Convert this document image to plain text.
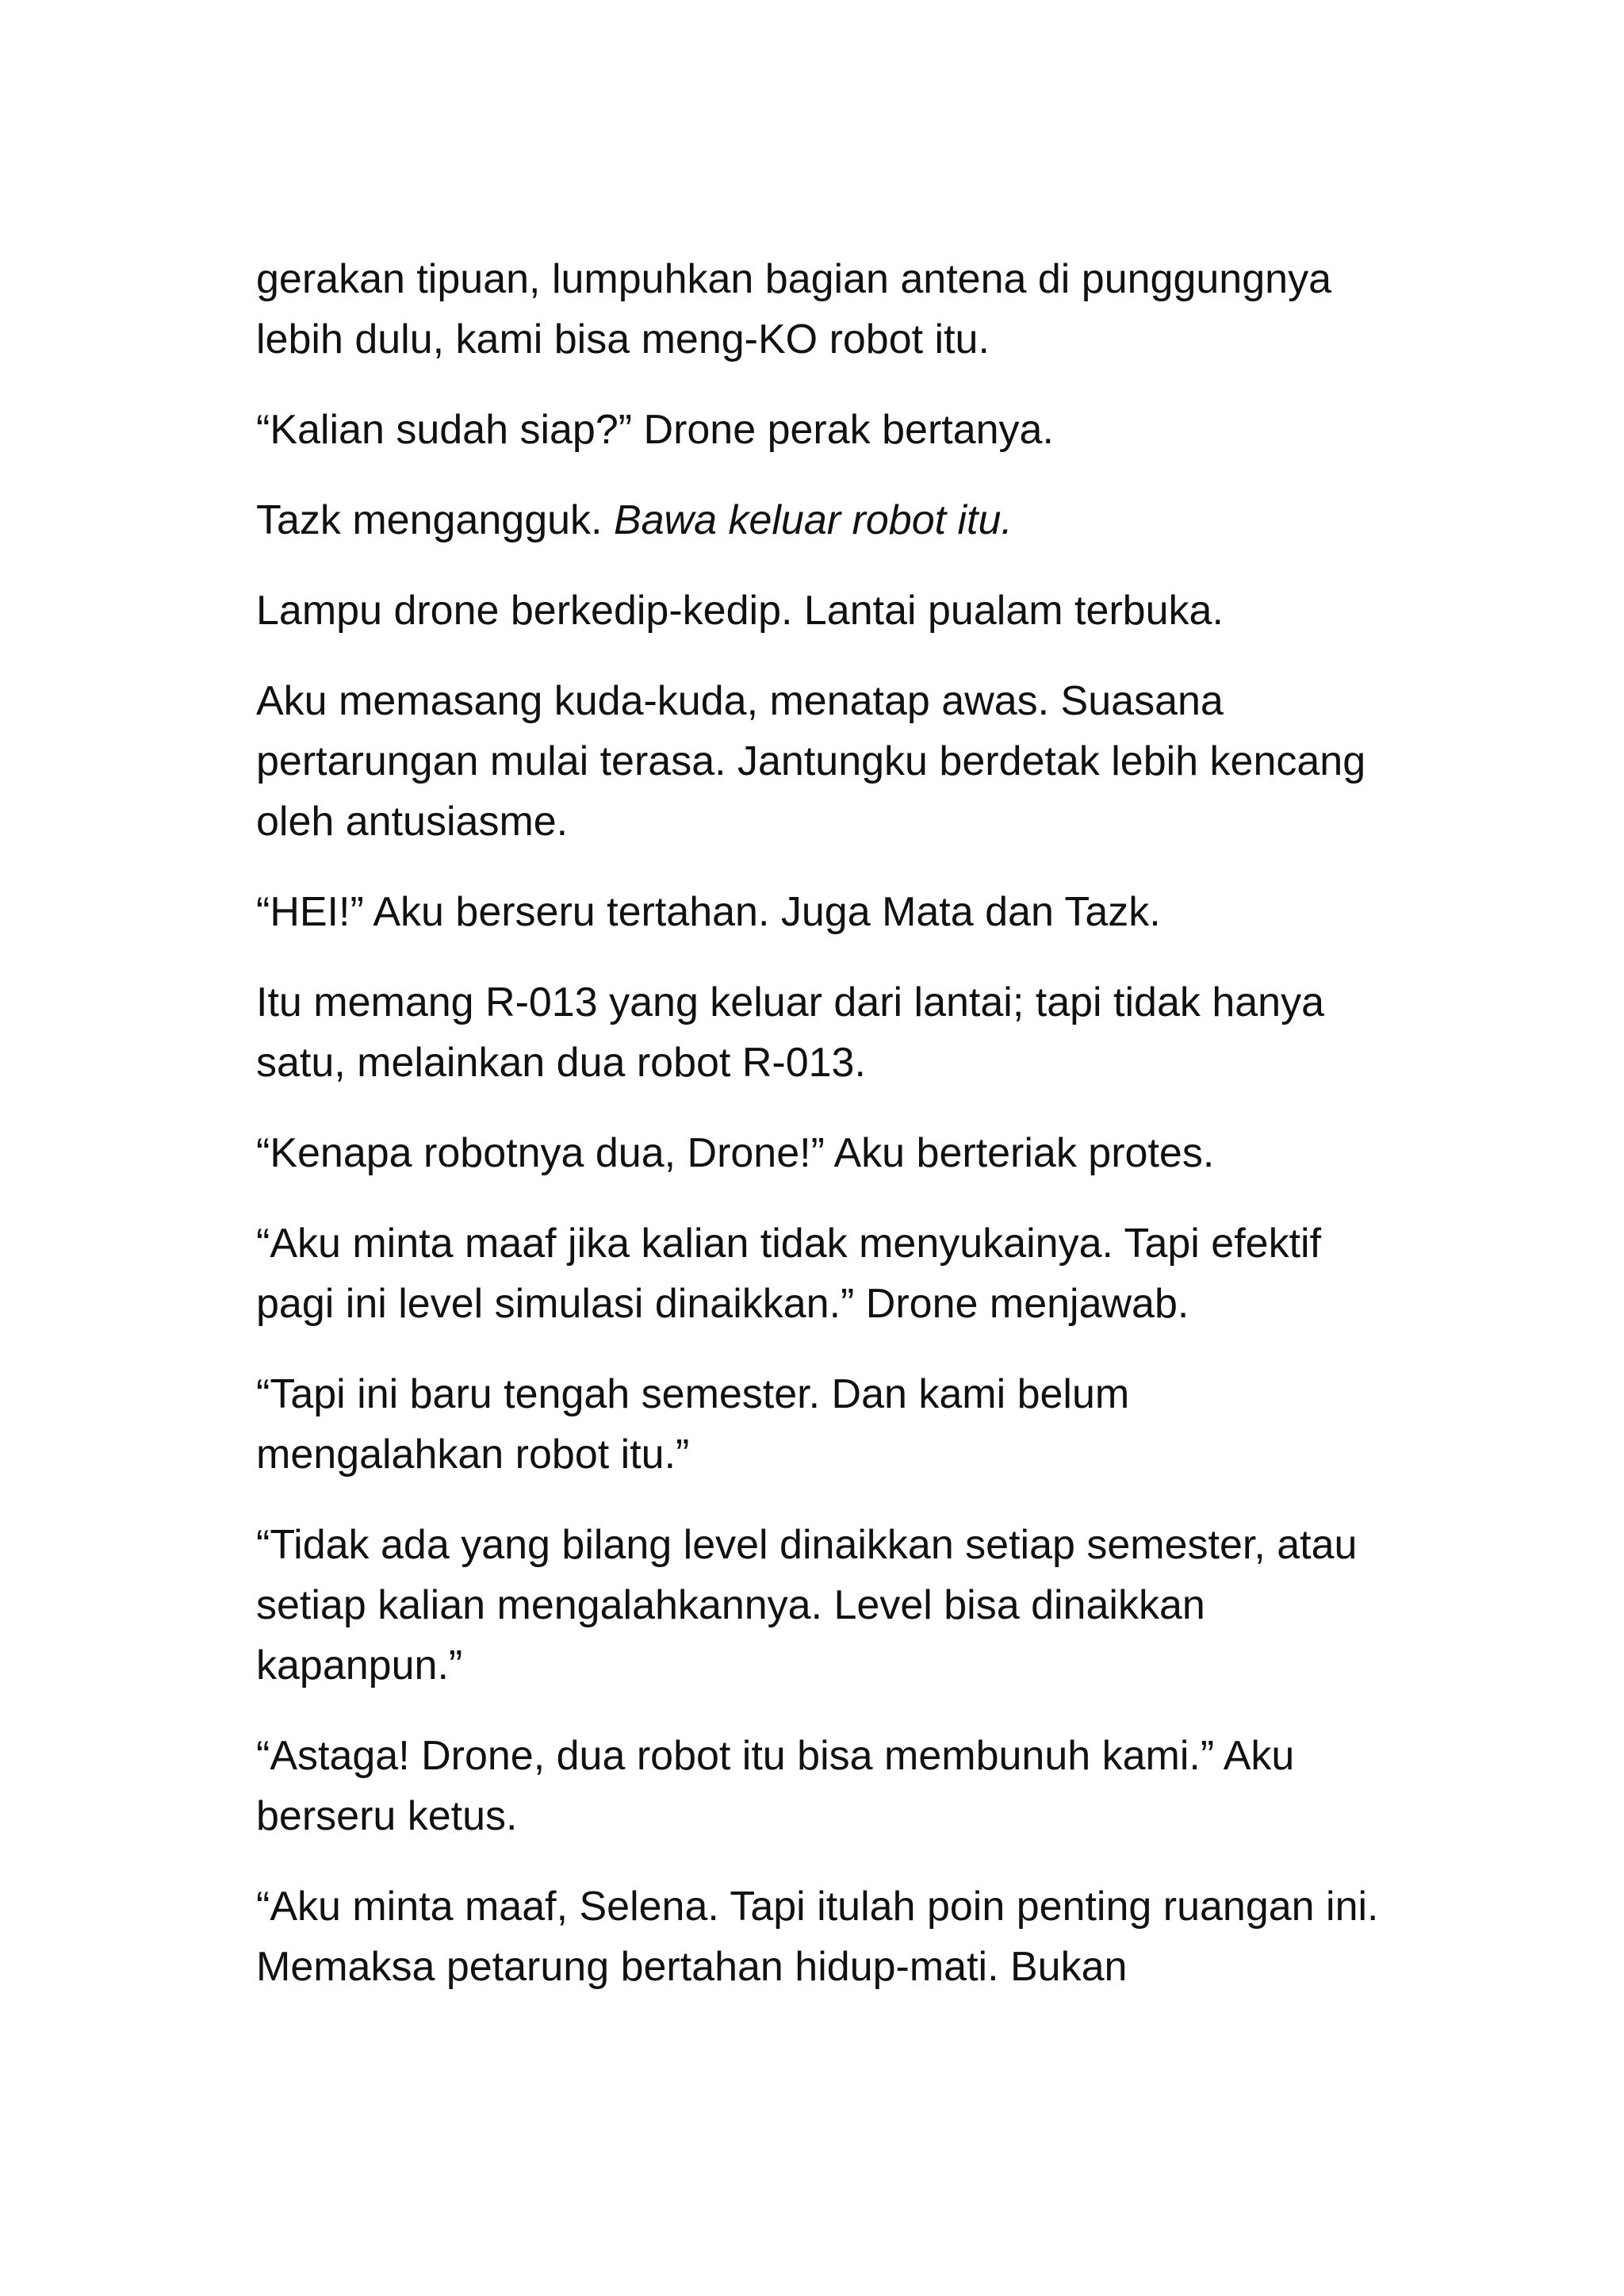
gerakan tipuan, lumpuhkan bagian antena di punggungnya lebih dulu, kami bisa meng-KO robot itu.

“Kalian sudah siap?” Drone perak bertanya.

Tazk mengangguk. Bawa keluar robot itu.

Lampu drone berkedip-kedip. Lantai pualam terbuka.

Aku memasang kuda-kuda, menatap awas. Suasana pertarungan mulai terasa. Jantungku berdetak lebih kencang oleh antusiasme.

“HEI!” Aku berseru tertahan. Juga Mata dan Tazk.

Itu memang R-013 yang keluar dari lantai; tapi tidak hanya satu, melainkan dua robot R-013.

“Kenapa robotnya dua, Drone!” Aku berteriak protes.

“Aku minta maaf jika kalian tidak menyukainya. Tapi efektif pagi ini level simulasi dinaikkan.” Drone menjawab.

“Tapi ini baru tengah semester. Dan kami belum mengalahkan robot itu.”

“Tidak ada yang bilang level dinaikkan setiap semester, atau setiap kalian mengalahkannya. Level bisa dinaikkan kapanpun.”

“Astaga! Drone, dua robot itu bisa membunuh kami.” Aku berseru ketus.

“Aku minta maaf, Selena. Tapi itulah poin penting ruangan ini. Memaksa petarung bertahan hidup-mati. Bukan
